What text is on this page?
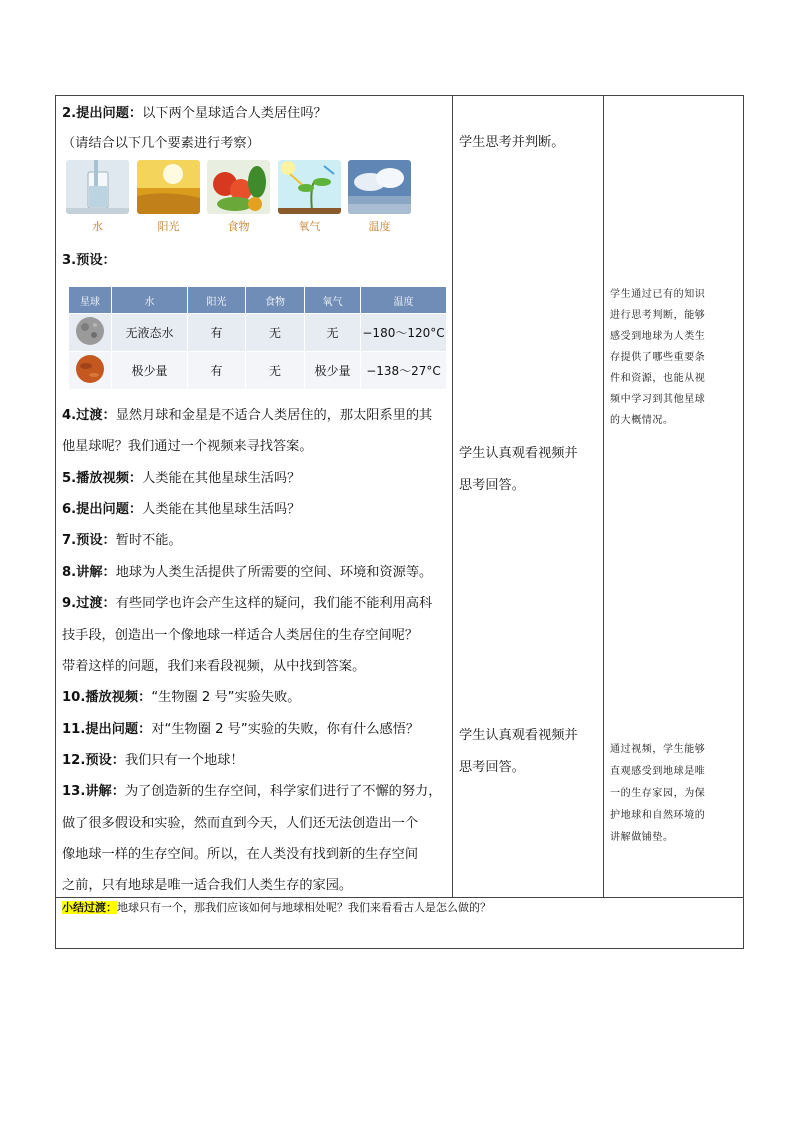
2.提出问题：以下两个星球适合人类居住吗？
（请结合以下几个要素进行考察）
水	阳光	食物	氧气	温度
3.预设：
星球	水	阳光	食物	氧气	温度
	无液态水	有	无	无	−180～120°C
	极少量	有	无	极少量	−138～27°C
4.过渡：显然月球和金星是不适合人类居住的，那太阳系里的其
他星球呢？我们通过一个视频来寻找答案。
5.播放视频：人类能在其他星球生活吗？
6.提出问题：人类能在其他星球生活吗？
7.预设：暂时不能。
8.讲解：地球为人类生活提供了所需要的空间、环境和资源等。
9.过渡：有些同学也许会产生这样的疑问，我们能不能利用高科
技手段，创造出一个像地球一样适合人类居住的生存空间呢？
带着这样的问题，我们来看段视频，从中找到答案。
10.播放视频：“生物圈 2 号”实验失败。
11.提出问题：对“生物圈 2 号”实验的失败，你有什么感悟？
12.预设：我们只有一个地球！
13.讲解：为了创造新的生存空间，科学家们进行了不懈的努力，
做了很多假设和实验，然而直到今天，人们还无法创造出一个
像地球一样的生存空间。所以，在人类没有找到新的生存空间
之前，只有地球是唯一适合我们人类生存的家园。
学生思考并判断。
学生认真观看视频并
思考回答。
学生认真观看视频并
思考回答。
学生通过已有的知识
进行思考判断，能够
感受到地球为人类生
存提供了哪些重要条
件和资源，也能从视
频中学习到其他星球
的大概情况。
通过视频，学生能够
直观感受到地球是唯
一的生存家园，为保
护地球和自然环境的
讲解做铺垫。
小结过渡：地球只有一个，那我们应该如何与地球相处呢？我们来看看古人是怎么做的？
